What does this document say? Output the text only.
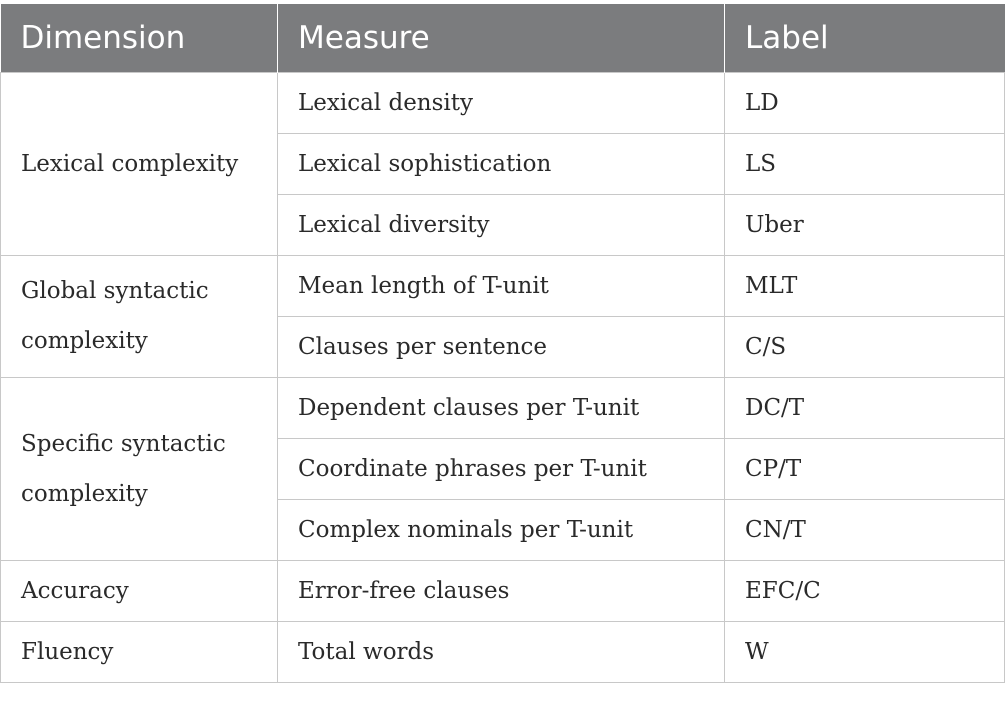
Dimension	Measure	Label
Lexical complexity	Lexical density	LD
	Lexical sophistication	LS
	Lexical diversity	Uber
Global syntactic
complexity	Mean length of T-unit	MLT
	Clauses per sentence	C/S
Specific syntactic
complexity	Dependent clauses per T-unit	DC/T
	Coordinate phrases per T-unit	CP/T
	Complex nominals per T-unit	CN/T
Accuracy	Error-free clauses	EFC/C
Fluency	Total words	W
